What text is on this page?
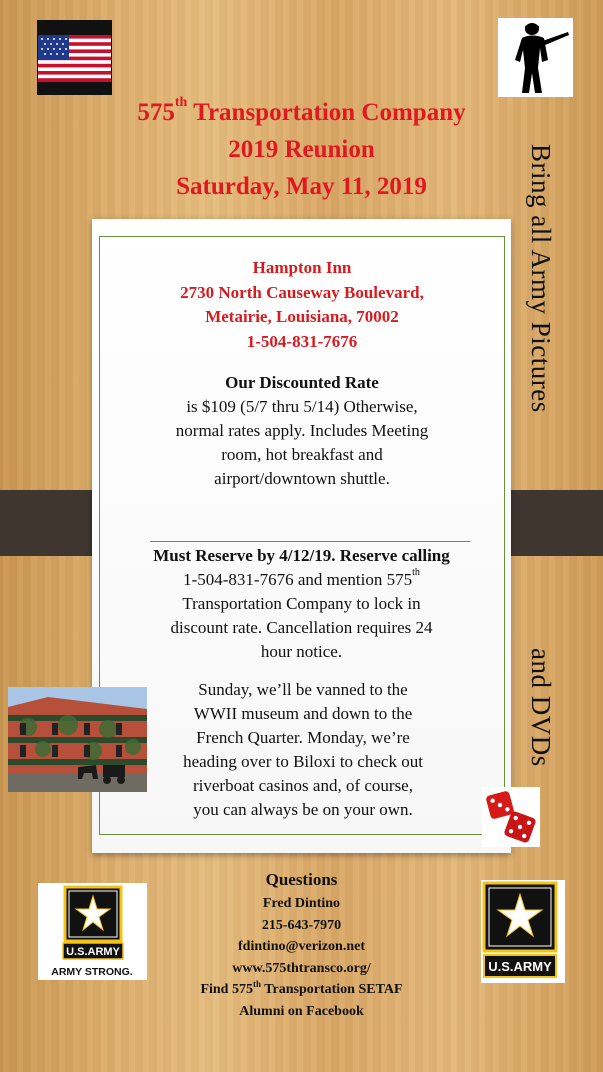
575th Transportation Company
2019 Reunion
Saturday, May 11, 2019	Bring all Army Pictures
and DVDs
Hampton Inn
2730 North Causeway Boulevard,
Metairie, Louisiana, 70002
1-504-831-7676
Our Discounted Rate
is $109 (5/7 thru 5/14) Otherwise,
normal rates apply. Includes Meeting
room, hot breakfast and
airport/downtown shuttle.
Must Reserve by 4/12/19. Reserve calling
1-504-831-7676 and mention 575th
Transportation Company to lock in
discount rate. Cancellation requires 24
hour notice.
Sunday, we’ll be vanned to the
WWII museum and down to the
French Quarter. Monday, we’re
heading over to Biloxi to check out
riverboat casinos and, of course,
you can always be on your own.
U.S.ARMY
ARMY STRONG.
Questions
Fred Dintino
215-643-7970
fdintino@verizon.net
www.575thtransco.org/
Find 575th Transportation SETAF
Alumni on Facebook
U.S.ARMY
